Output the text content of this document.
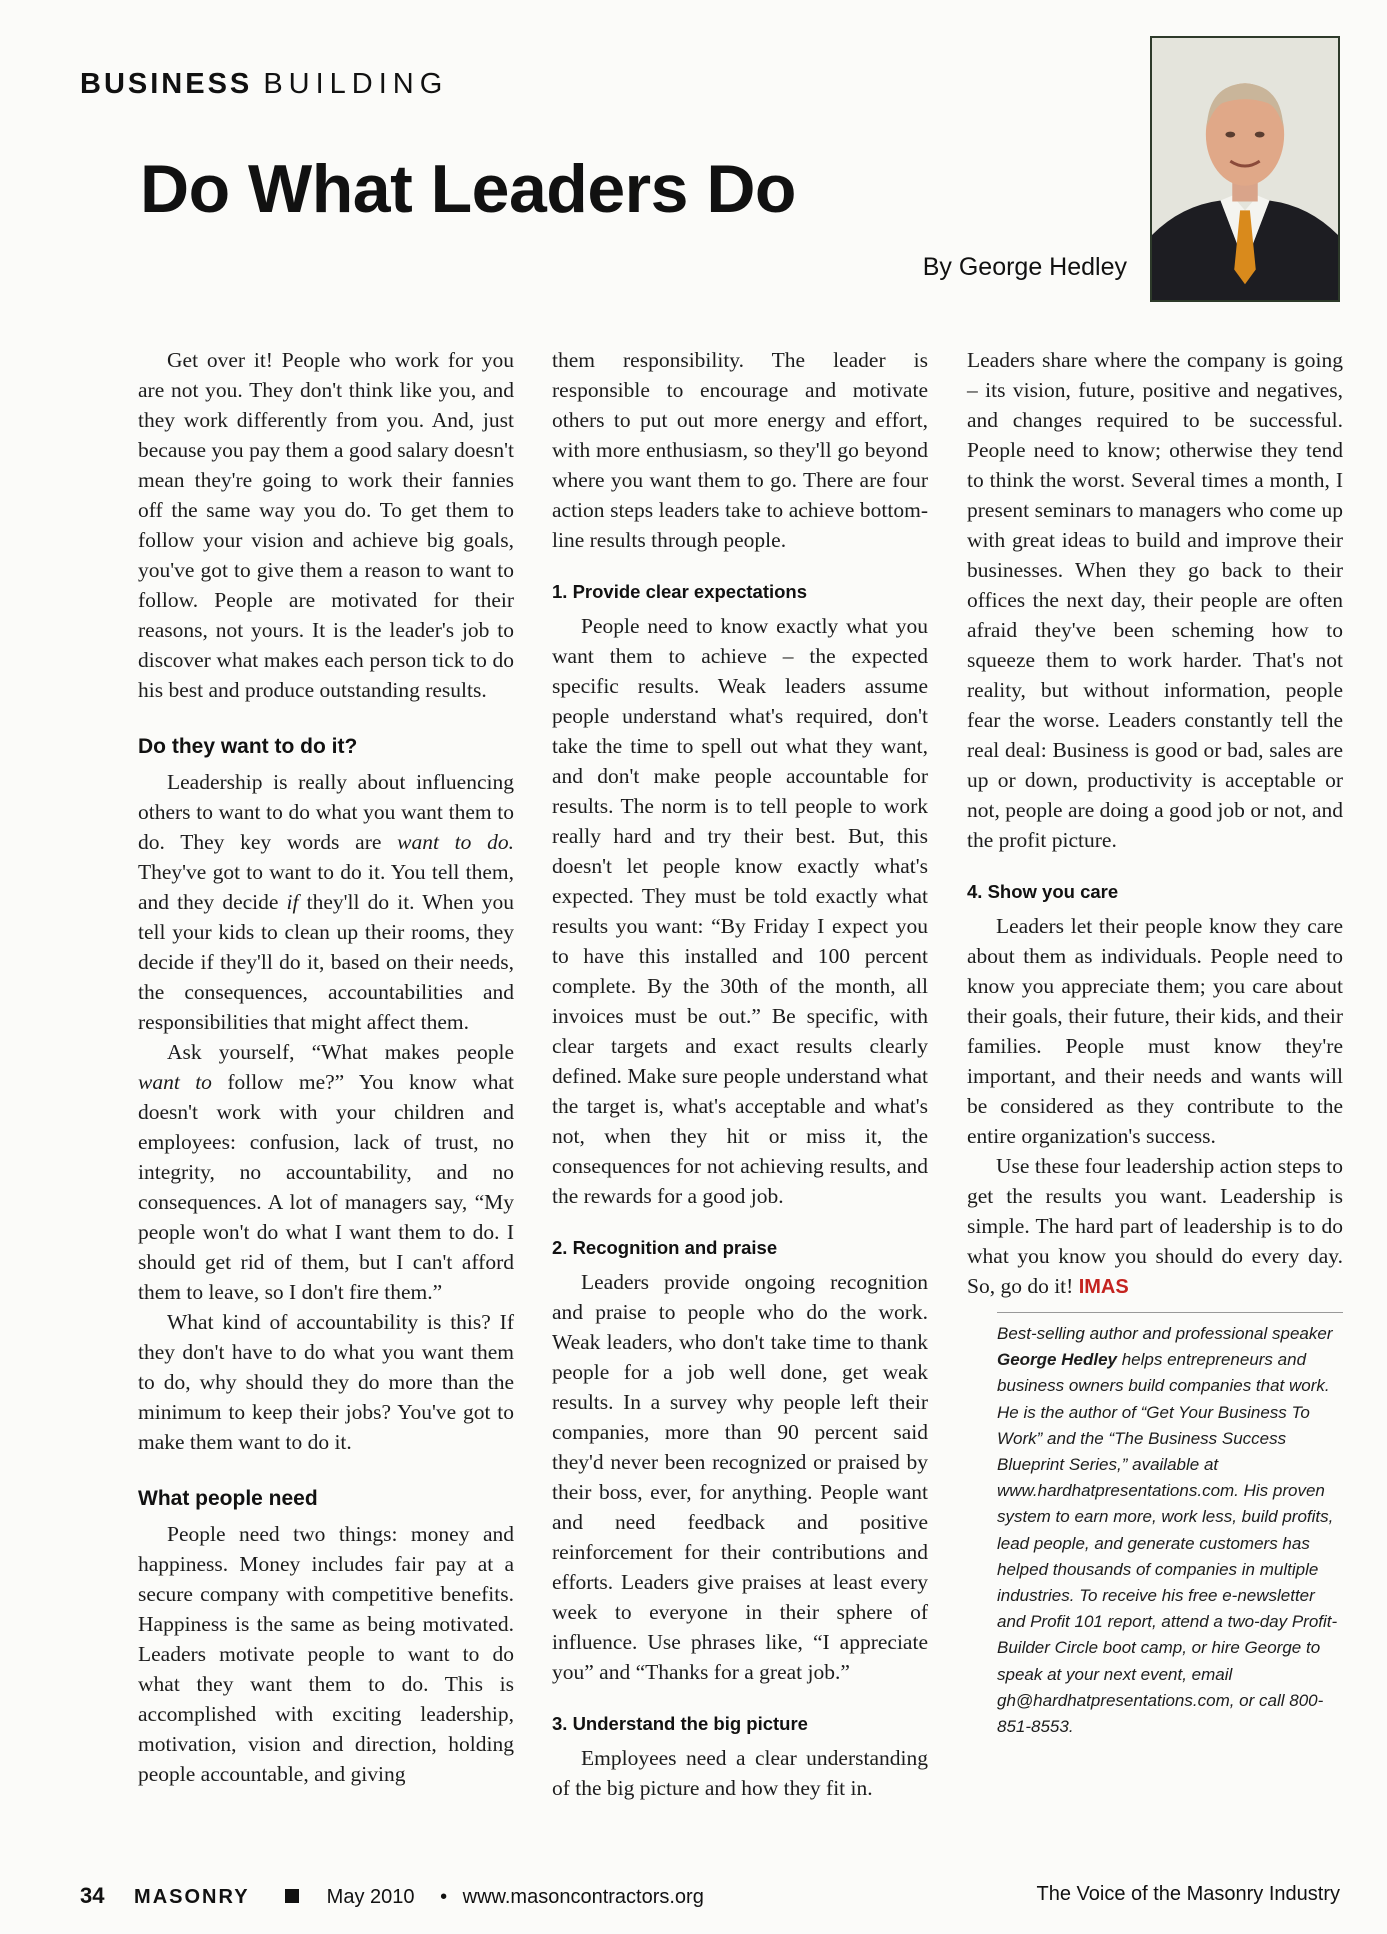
BUSINESS BUILDING
Do What Leaders Do
By George Hedley

Get over it! People who work for you are not you. They don't think like you, and they work differently from you. And, just because you pay them a good salary doesn't mean they're going to work their fannies off the same way you do. To get them to follow your vision and achieve big goals, you've got to give them a reason to want to follow. People are motivated for their reasons, not yours. It is the leader's job to discover what makes each person tick to do his best and produce outstanding results.

Do they want to do it?

Leadership is really about influencing others to want to do what you want them to do. They key words are want to do. They've got to want to do it. You tell them, and they decide if they'll do it. When you tell your kids to clean up their rooms, they decide if they'll do it, based on their needs, the consequences, accountabilities and responsibilities that might affect them.

Ask yourself, “What makes people want to follow me?” You know what doesn't work with your children and employees: confusion, lack of trust, no integrity, no accountability, and no consequences. A lot of managers say, “My people won't do what I want them to do. I should get rid of them, but I can't afford them to leave, so I don't fire them.”

What kind of accountability is this? If they don't have to do what you want them to do, why should they do more than the minimum to keep their jobs? You've got to make them want to do it.

What people need

People need two things: money and happiness. Money includes fair pay at a secure company with competitive benefits. Happiness is the same as being motivated. Leaders motivate people to want to do what they want them to do. This is accomplished with exciting leadership, motivation, vision and direction, holding people accountable, and giving

them responsibility. The leader is responsible to encourage and motivate others to put out more energy and effort, with more enthusiasm, so they'll go beyond where you want them to go. There are four action steps leaders take to achieve bottom-line results through people.

1. Provide clear expectations

People need to know exactly what you want them to achieve – the expected specific results. Weak leaders assume people understand what's required, don't take the time to spell out what they want, and don't make people accountable for results. The norm is to tell people to work really hard and try their best. But, this doesn't let people know exactly what's expected. They must be told exactly what results you want: “By Friday I expect you to have this installed and 100 percent complete. By the 30th of the month, all invoices must be out.” Be specific, with clear targets and exact results clearly defined. Make sure people understand what the target is, what's acceptable and what's not, when they hit or miss it, the consequences for not achieving results, and the rewards for a good job.

2. Recognition and praise

Leaders provide ongoing recognition and praise to people who do the work. Weak leaders, who don't take time to thank people for a job well done, get weak results. In a survey why people left their companies, more than 90 percent said they'd never been recognized or praised by their boss, ever, for anything. People want and need feedback and positive reinforcement for their contributions and efforts. Leaders give praises at least every week to everyone in their sphere of influence. Use phrases like, “I appreciate you” and “Thanks for a great job.”

3. Understand the big picture

Employees need a clear understanding of the big picture and how they fit in.

Leaders share where the company is going – its vision, future, positive and negatives, and changes required to be successful. People need to know; otherwise they tend to think the worst. Several times a month, I present seminars to managers who come up with great ideas to build and improve their businesses. When they go back to their offices the next day, their people are often afraid they've been scheming how to squeeze them to work harder. That's not reality, but without information, people fear the worse. Leaders constantly tell the real deal: Business is good or bad, sales are up or down, productivity is acceptable or not, people are doing a good job or not, and the profit picture.

4. Show you care

Leaders let their people know they care about them as individuals. People need to know you appreciate them; you care about their goals, their future, their kids, and their families. People must know they're important, and their needs and wants will be considered as they contribute to the entire organization's success.

Use these four leadership action steps to get the results you want. Leadership is simple. The hard part of leadership is to do what you know you should do every day. So, go do it! IMAS

Best-selling author and professional speaker George Hedley helps entrepreneurs and business owners build companies that work. He is the author of “Get Your Business To Work” and the “The Business Success Blueprint Series,” available at www.hardhatpresentations.com. His proven system to earn more, work less, build profits, lead people, and generate customers has helped thousands of companies in multiple industries. To receive his free e-newsletter and Profit 101 report, attend a two-day Profit-Builder Circle boot camp, or hire George to speak at your next event, email gh@hardhatpresentations.com, or call 800-851-8553.
34 MASONRY	May 2010 • www.masoncontractors.org	The Voice of the Masonry Industry
